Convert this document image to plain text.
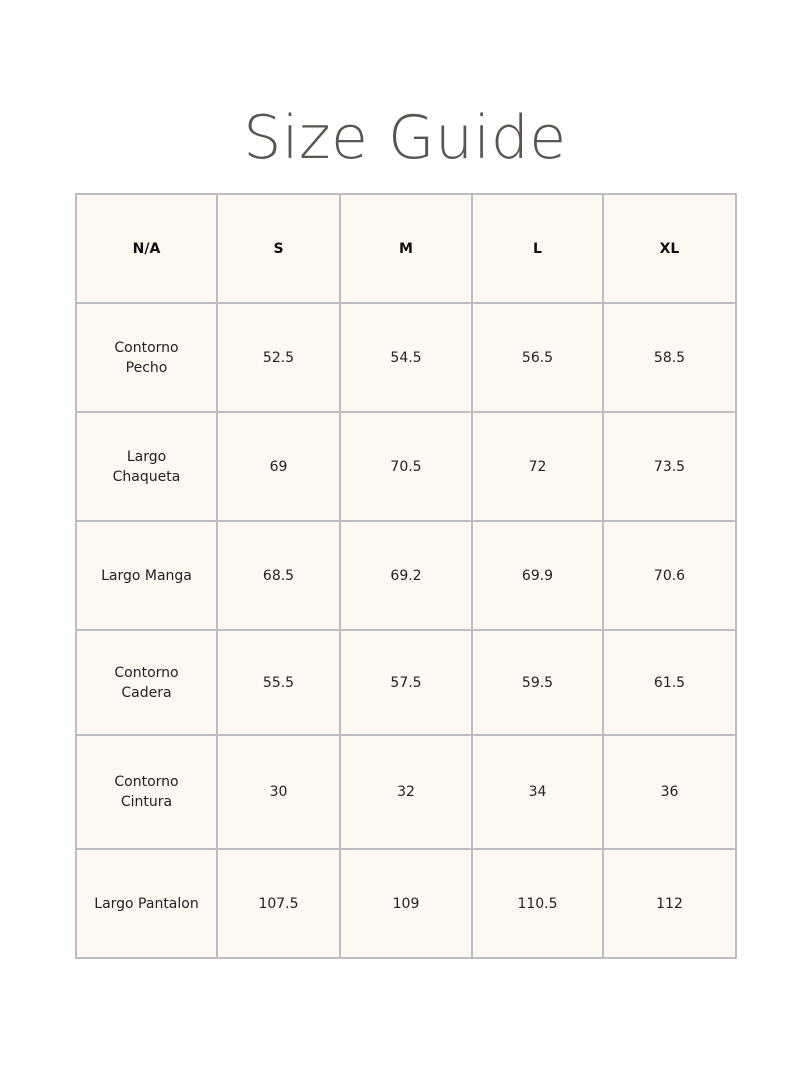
Size Guide
N/A	S	M	L	XL
Contorno
Pecho	52.5	54.5	56.5	58.5
Largo
Chaqueta	69	70.5	72	73.5
Largo Manga	68.5	69.2	69.9	70.6
Contorno
Cadera	55.5	57.5	59.5	61.5
Contorno
Cintura	30	32	34	36
Largo Pantalon	107.5	109	110.5	112
